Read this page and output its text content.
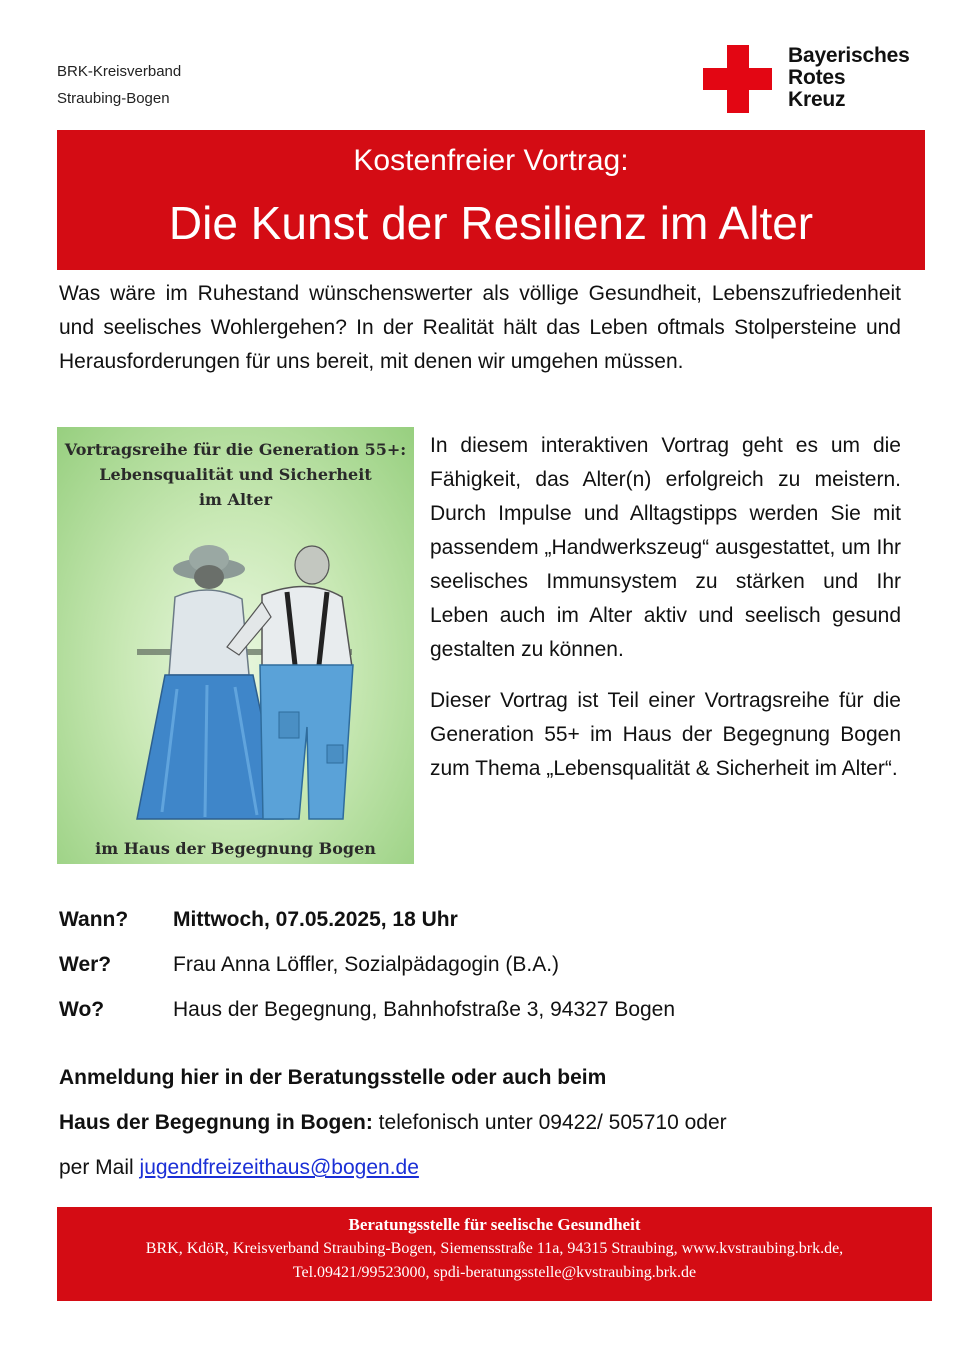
BRK-Kreisverband
Straubing-Bogen
Bayerisches
Rotes
Kreuz
Kostenfreier Vortrag:
Die Kunst der Resilienz im Alter
Was wäre im Ruhestand wünschenswerter als völlige Gesundheit, Lebenszufriedenheit und seelisches Wohlergehen? In der Realität hält das Leben oftmals Stolpersteine und Herausforderungen für uns bereit, mit denen wir umgehen müssen.
Vortragsreihe für die Generation 55+:
Lebensqualität und Sicherheit
im Alter
im Haus der Begegnung Bogen

In diesem interaktiven Vortrag geht es um die Fähigkeit, das Alter(n) erfolgreich zu meistern. Durch Impulse und Alltagstipps werden Sie mit passendem „Handwerkszeug“ ausgestattet, um Ihr seelisches Immunsystem zu stärken und Ihr Leben auch im Alter aktiv und seelisch gesund gestalten zu können.

Dieser Vortrag ist Teil einer Vortragsreihe für die Generation 55+ im Haus der Begegnung Bogen zum Thema „Lebensqualität & Sicherheit im Alter“.

Wann? Mittwoch, 07.05.2025, 18 Uhr
Wer?	Frau Anna Löffler, Sozialpädagogin (B.A.)
Wo?	Haus der Begegnung, Bahnhofstraße 3, 94327 Bogen
Anmeldung hier in der Beratungsstelle oder auch beim
Haus der Begegnung in Bogen: telefonisch unter 09422/ 505710 oder
per Mail jugendfreizeithaus@bogen.de
Beratungsstelle für seelische Gesundheit
BRK, KdöR, Kreisverband Straubing-Bogen, Siemensstraße 11a, 94315 Straubing, www.kvstraubing.brk.de,
Tel.09421/99523000, spdi-beratungsstelle@kvstraubing.brk.de
